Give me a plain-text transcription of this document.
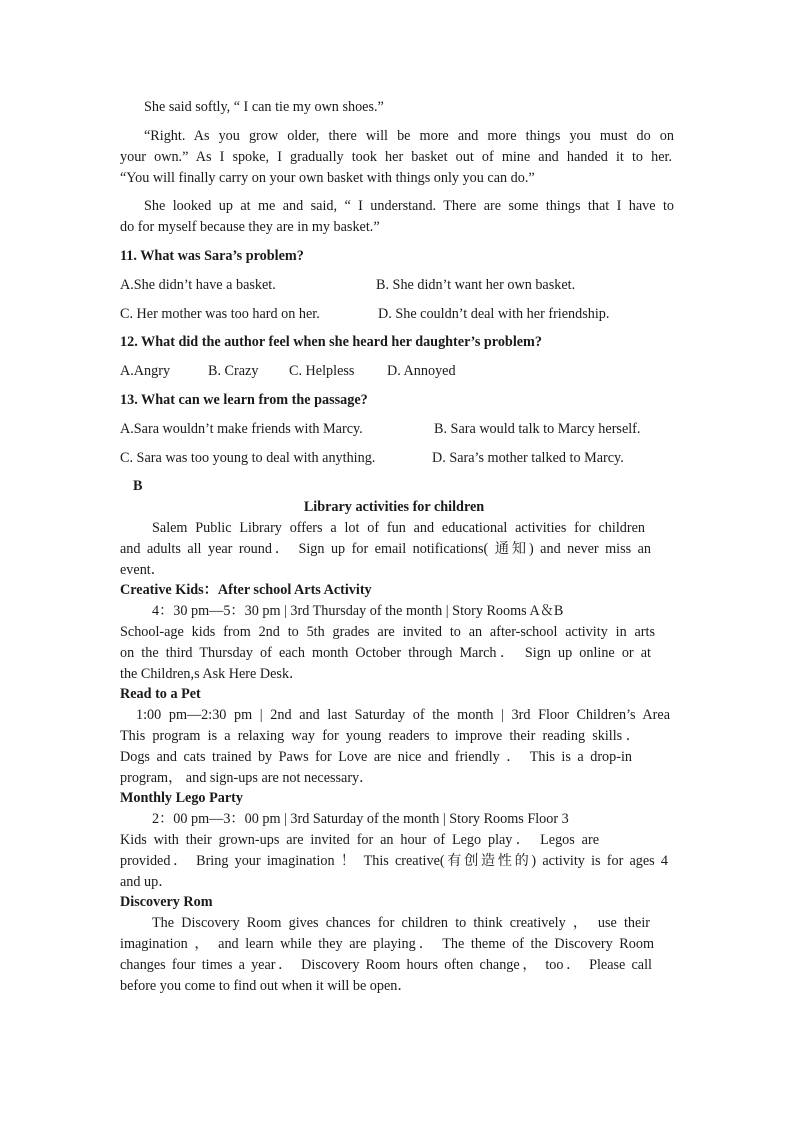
She said softly, “ I can tie my own shoes.”

“Right. As you grow older, there will be more and more things you must do on

your own.” As I spoke, I gradually took her basket out of mine and handed it to her.

“You will finally carry on your own basket with things only you can do.”

She looked up at me and said, “ I understand. There are some things that I have to

do for myself because they are in my basket.”

11. What was Sara’s problem?

A.She didn’t have a basket.	B. She didn’t want her own basket.
C. Her mother was too hard on her.	D. She couldn’t deal with her friendship.

12. What did the author feel when she heard her daughter’s problem?

A.Angry	B. Crazy C. Helpless D. Annoyed

13. What can we learn from the passage?

A.Sara wouldn’t make friends with Marcy.	B. Sara would talk to Marcy herself.
C. Sara was too young to deal with anything.	D. Sara’s mother talked to Marcy.

B

Library activities for children

Salem Public Library offers a lot of fun and educational activities for children

and adults all year round． Sign up for email notifications( 通知) and never miss an

event．

Creative Kids：After school Arts Activity

4：30 pm—5：30 pm | 3rd Thursday of the month | Story Rooms A＆B

School-age kids from 2nd to 5th grades are invited to an after-school activity in arts

on the third Thursday of each month October through March． Sign up online or at

the Children,s Ask Here Desk．

Read to a Pet

1:00 pm—2:30 pm | 2nd and last Saturday of the month | 3rd Floor Children’s Area

This program is a relaxing way for young readers to improve their reading skills．

Dogs and cats trained by Paws for Love are nice and friendly ． This is a drop-in

program， and sign-ups are not necessary．

Monthly Lego Party

2：00 pm—3：00 pm | 3rd Saturday of the month | Story Rooms Floor 3

Kids with their grown-ups are invited for an hour of Lego play． Legos are

provided． Bring your imagination ！ This creative(有创造性的) activity is for ages 4

and up．

Discovery Rom

The Discovery Room gives chances for children to think creatively ， use their

imagination ， and learn while they are playing． The theme of the Discovery Room

changes four times a year． Discovery Room hours often change， too． Please call

before you come to find out when it will be open．
